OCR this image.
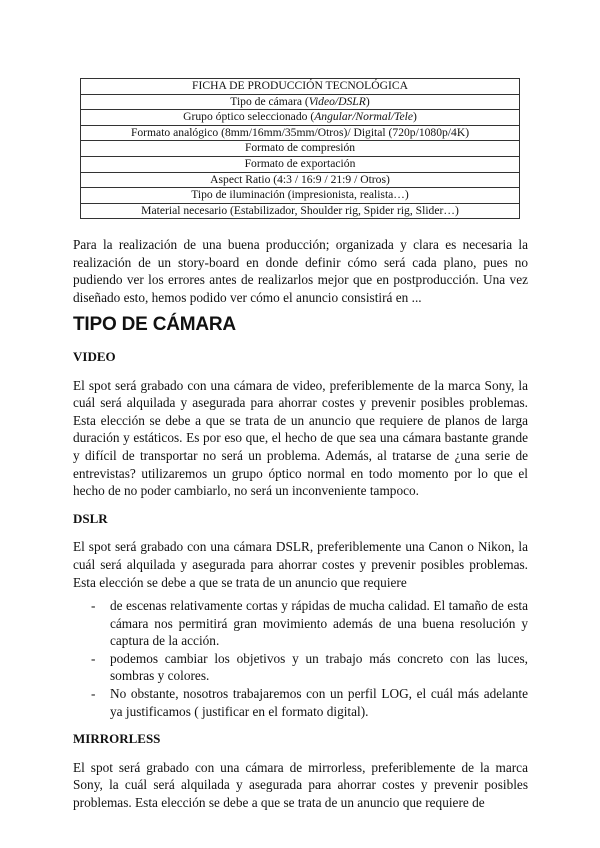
FICHA DE PRODUCCIÓN TECNOLÓGICA
Tipo de cámara (Video/DSLR)
Grupo óptico seleccionado (Angular/Normal/Tele)
Formato analógico (8mm/16mm/35mm/Otros)/ Digital (720p/1080p/4K)
Formato de compresión
Formato de exportación
Aspect Ratio (4:3 / 16:9 / 21:9 / Otros)
Tipo de iluminación (impresionista, realista…)
Material necesario (Estabilizador, Shoulder rig, Spider rig, Slider…)

Para la realización de una buena producción; organizada y clara es necesaria la realización de un story-board en donde definir cómo será cada plano, pues no pudiendo ver los errores antes de realizarlos mejor que en postproducción. Una vez diseñado esto, hemos podido ver cómo el anuncio consistirá en ...

TIPO DE CÁMARA
VIDEO

El spot será grabado con una cámara de video, preferiblemente de la marca Sony, la cuál será alquilada y asegurada para ahorrar costes y prevenir posibles problemas. Esta elección se debe a que se trata de un anuncio que requiere de planos de larga duración y estáticos. Es por eso que, el hecho de que sea una cámara bastante grande y difícil de transportar no será un problema. Además, al tratarse de ¿una serie de entrevistas? utilizaremos un grupo óptico normal en todo momento por lo que el hecho de no poder cambiarlo, no será un inconveniente tampoco.

DSLR

El spot será grabado con una cámara DSLR, preferiblemente una Canon o Nikon, la cuál será alquilada y asegurada para ahorrar costes y prevenir posibles problemas. Esta elección se debe a que se trata de un anuncio que requiere

- de escenas relativamente cortas y rápidas de mucha calidad. El tamaño de esta cámara nos permitirá gran movimiento además de una buena resolución y captura de la acción.
- podemos cambiar los objetivos y un trabajo más concreto con las luces, sombras y colores.
- No obstante, nosotros trabajaremos con un perfil LOG, el cuál más adelante ya justificamos ( justificar en el formato digital).
MIRRORLESS

El spot será grabado con una cámara de mirrorless, preferiblemente de la marca Sony, la cuál será alquilada y asegurada para ahorrar costes y prevenir posibles problemas. Esta elección se debe a que se trata de un anuncio que requiere de
